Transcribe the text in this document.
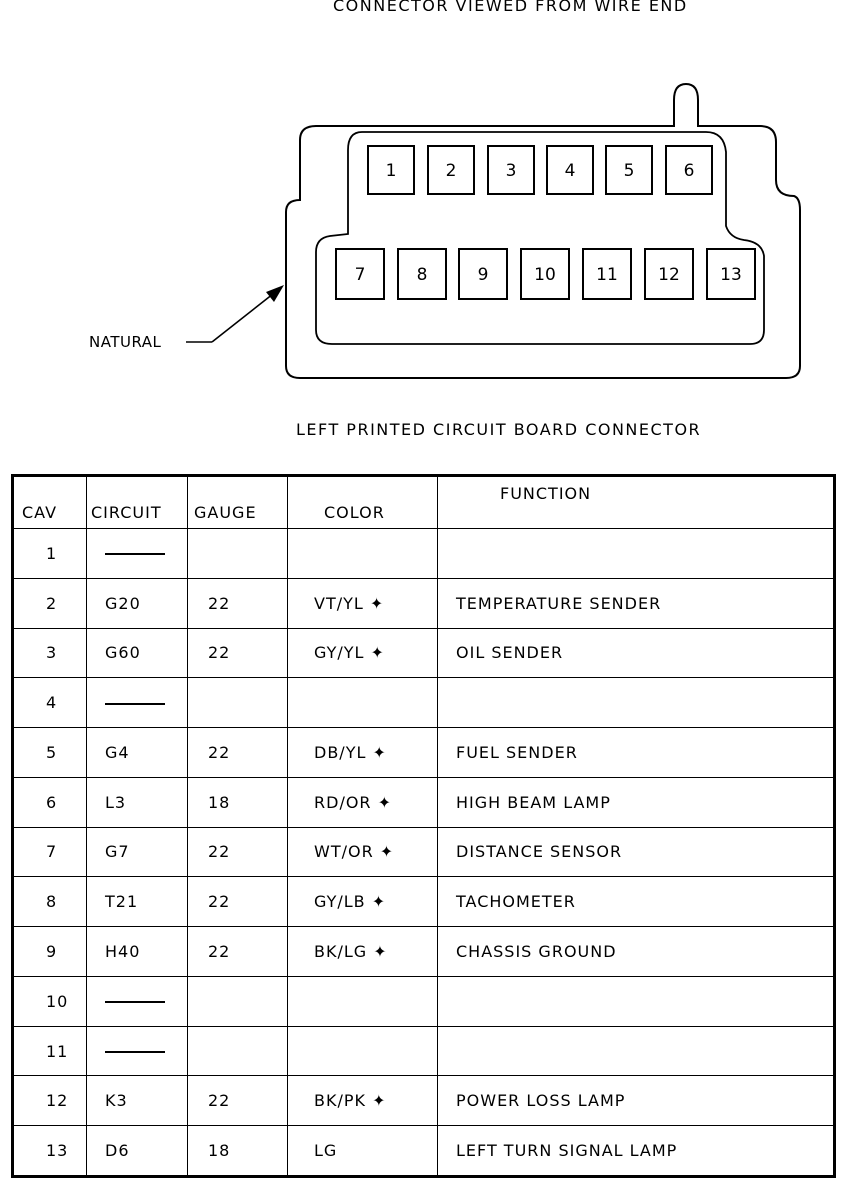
CONNECTOR VIEWED FROM WIRE END
1	2	3	4	5	6
7	8	9	10 11 12 13
NATURAL
LEFT PRINTED CIRCUIT BOARD CONNECTOR
CAV	CIRCUIT	GAUGE	COLOR	FUNCTION
1				
2	G20	22	VT/YL ✦	TEMPERATURE SENDER
3	G60	22	GY/YL ✦	OIL SENDER
4				
5	G4	22	DB/YL ✦	FUEL SENDER
6	L3	18	RD/OR ✦	HIGH BEAM LAMP
7	G7	22	WT/OR ✦	DISTANCE SENSOR
8	T21	22	GY/LB ✦	TACHOMETER
9	H40	22	BK/LG ✦	CHASSIS GROUND
10				
11				
12	K3	22	BK/PK ✦	POWER LOSS LAMP
13	D6	18	LG	LEFT TURN SIGNAL LAMP
